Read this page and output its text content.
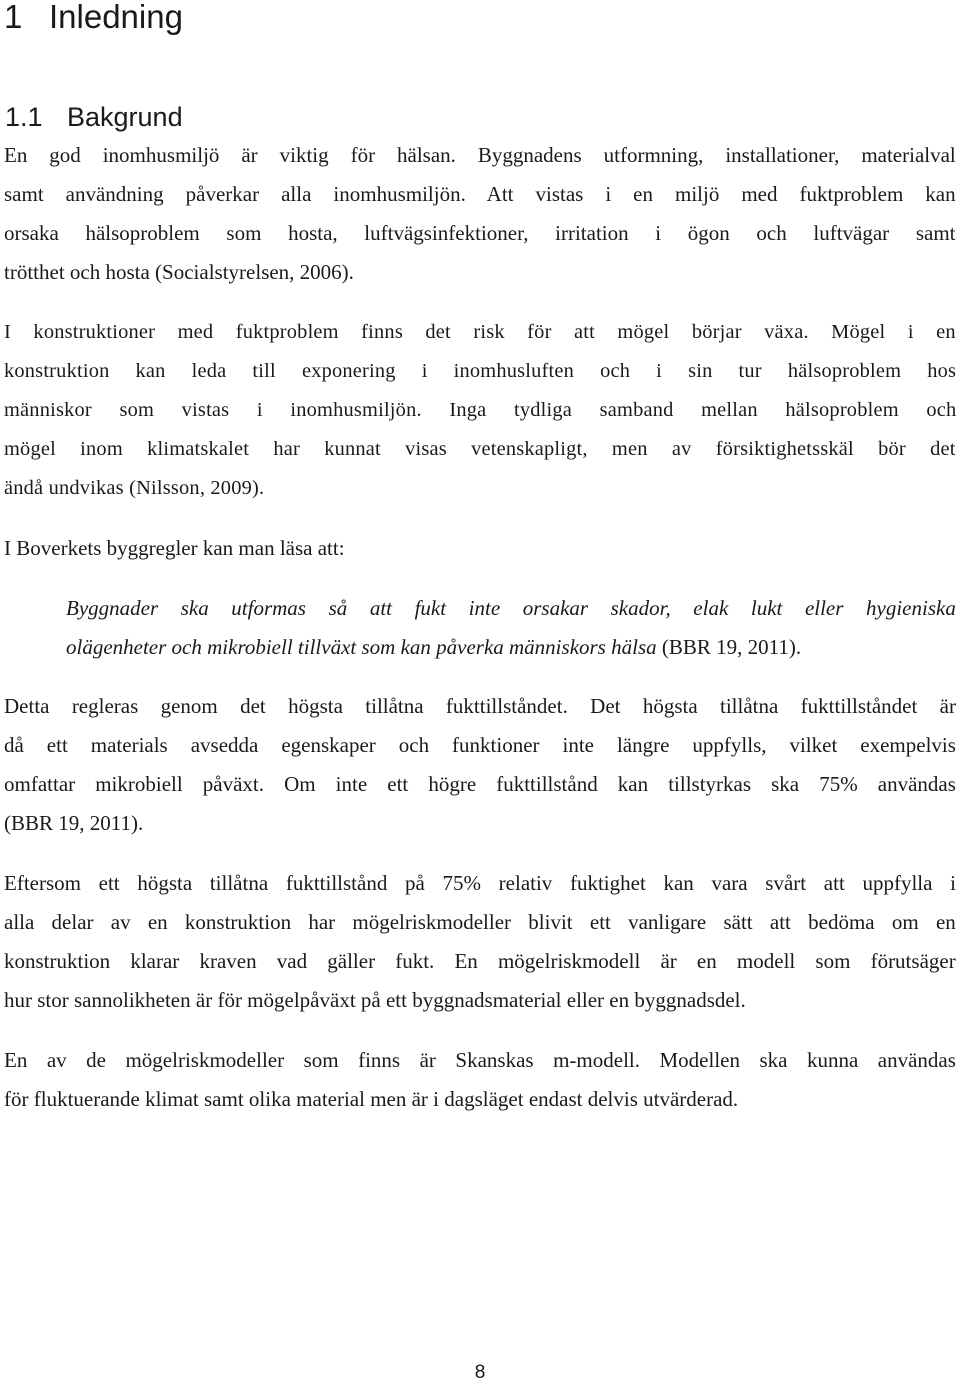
1 Inledning
1.1 Bakgrund
En god inomhusmiljö är viktig för hälsan. Byggnadens utformning, installationer, materialval
samt användning påverkar alla inomhusmiljön. Att vistas i en miljö med fuktproblem kan
orsaka hälsoproblem som hosta, luftvägsinfektioner, irritation i ögon och luftvägar samt
trötthet och hosta (Socialstyrelsen, 2006).
I konstruktioner med fuktproblem finns det risk för att mögel börjar växa. Mögel i en
konstruktion kan leda till exponering i inomhusluften och i sin tur hälsoproblem hos
människor som vistas i inomhusmiljön. Inga tydliga samband mellan hälsoproblem och
mögel inom klimatskalet har kunnat visas vetenskapligt, men av försiktighetsskäl bör det
ändå undvikas (Nilsson, 2009).
I Boverkets byggregler kan man läsa att:
Byggnader ska utformas så att fukt inte orsakar skador, elak lukt eller hygieniska
olägenheter och mikrobiell tillväxt som kan påverka människors hälsa (BBR 19, 2011).
Detta regleras genom det högsta tillåtna fukttillståndet. Det högsta tillåtna fukttillståndet är
då ett materials avsedda egenskaper och funktioner inte längre uppfylls, vilket exempelvis
omfattar mikrobiell påväxt. Om inte ett högre fukttillstånd kan tillstyrkas ska 75% användas
(BBR 19, 2011).
Eftersom ett högsta tillåtna fukttillstånd på 75% relativ fuktighet kan vara svårt att uppfylla i
alla delar av en konstruktion har mögelriskmodeller blivit ett vanligare sätt att bedöma om en
konstruktion klarar kraven vad gäller fukt. En mögelriskmodell är en modell som förutsäger
hur stor sannolikheten är för mögelpåväxt på ett byggnadsmaterial eller en byggnadsdel.
En av de mögelriskmodeller som finns är Skanskas m-modell. Modellen ska kunna användas
för fluktuerande klimat samt olika material men är i dagsläget endast delvis utvärderad.
8
